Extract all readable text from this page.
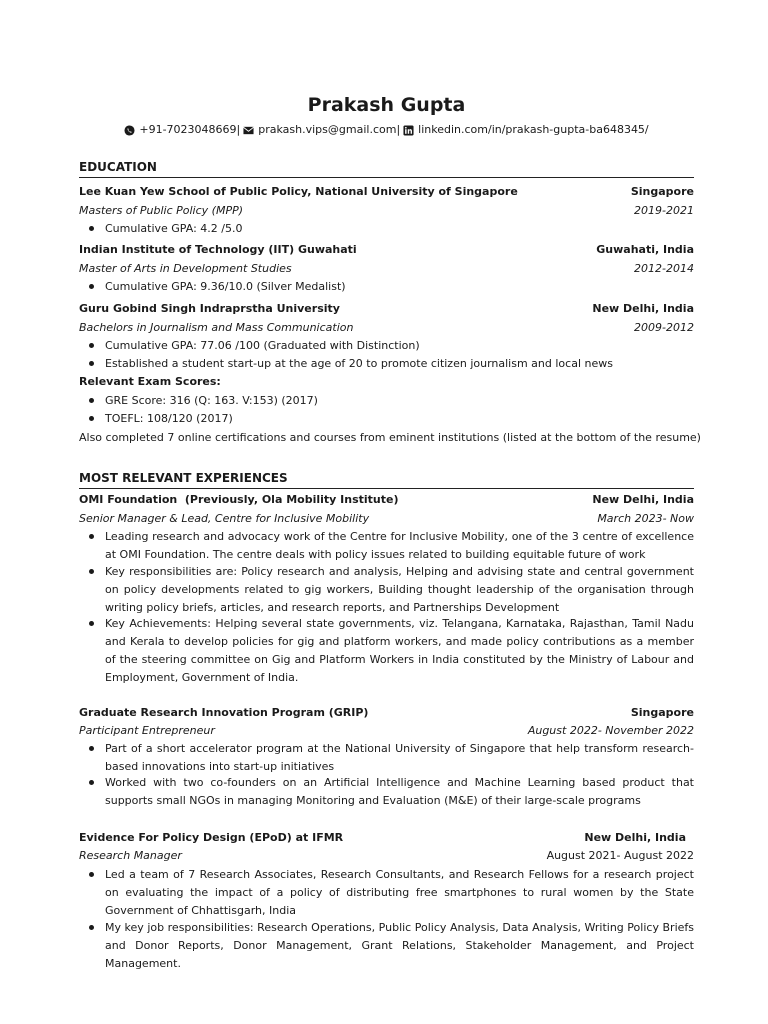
Prakash Gupta
+91-7023048669 | prakash.vips@gmail.com | linkedin.com/in/prakash-gupta-ba648345/
EDUCATION
Lee Kuan Yew School of Public Policy, National University of Singapore	Singapore
Masters of Public Policy (MPP)	2019-2021
Cumulative GPA: 4.2 /5.0
Indian Institute of Technology (IIT) Guwahati	Guwahati, India
Master of Arts in Development Studies	2012-2014
Cumulative GPA: 9.36/10.0 (Silver Medalist)
Guru Gobind Singh Indraprstha University	New Delhi, India
Bachelors in Journalism and Mass Communication	2009-2012
Cumulative GPA: 77.06 /100 (Graduated with Distinction)
Established a student start-up at the age of 20 to promote citizen journalism and local news
Relevant Exam Scores:
GRE Score: 316 (Q: 163. V:153) (2017)
TOEFL: 108/120 (2017)
Also completed 7 online certifications and courses from eminent institutions (listed at the bottom of the resume)
MOST RELEVANT EXPERIENCES
OMI Foundation  (Previously, Ola Mobility Institute)	New Delhi, India
Senior Manager & Lead, Centre for Inclusive Mobility	March 2023- Now
Leading research and advocacy work of the Centre for Inclusive Mobility, one of the 3 centre of excellence at OMI Foundation. The centre deals with policy issues related to building equitable future of work
Key responsibilities are: Policy research and analysis, Helping and advising state and central government on policy developments related to gig workers, Building thought leadership of the organisation through writing policy briefs, articles, and research reports, and Partnerships Development
Key Achievements: Helping several state governments, viz. Telangana, Karnataka, Rajasthan, Tamil Nadu and Kerala to develop policies for gig and platform workers, and made policy contributions as a member of the steering committee on Gig and Platform Workers in India constituted by the Ministry of Labour and Employment, Government of India.
Graduate Research Innovation Program (GRIP)	Singapore
Participant Entrepreneur	August 2022- November 2022
Part of a short accelerator program at the National University of Singapore that help transform research-based innovations into start-up initiatives
Worked with two co-founders on an Artificial Intelligence and Machine Learning based product that supports small NGOs in managing Monitoring and Evaluation (M&E) of their large-scale programs
Evidence For Policy Design (EPoD) at IFMR	New Delhi, India
Research Manager	August 2021- August 2022
Led a team of 7 Research Associates, Research Consultants, and Research Fellows for a research project on evaluating the impact of a policy of distributing free smartphones to rural women by the State Government of Chhattisgarh, India
My key job responsibilities: Research Operations, Public Policy Analysis, Data Analysis, Writing Policy Briefs and Donor Reports, Donor Management, Grant Relations, Stakeholder Management, and Project Management.
